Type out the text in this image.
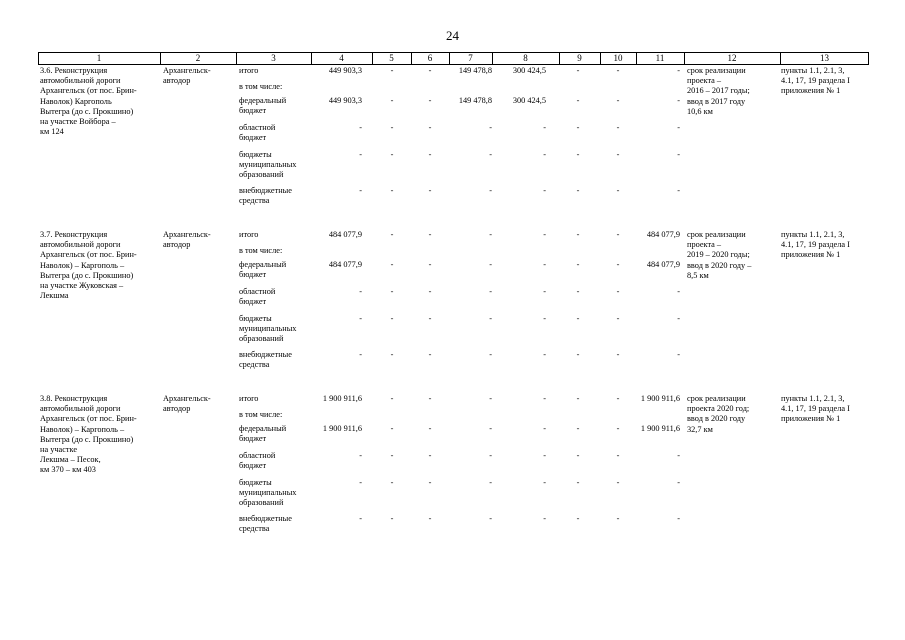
24
1	2	3	4	5	6	7	8	9	10	11	12	13
3.6. Реконструкция
автомобильной дороги
Архангельск (от пос. Брин-
Наволок) Каргополь
Вытегра (до с. Прокшино)
на участке Войбора –
км 124
Архангельск-
автодор
срок реализации
проекта –
2016 – 2017 годы;
ввод в 2017 году
10,6 км
пункты 1.1, 2.1, 3,
4.1, 17, 19 раздела I
приложения № 1
итого	449 903,3	-	-	149 478,8	300 424,5	-	-	-
в том числе:
федеральный
бюджет
449 903,3	-	-	149 478,8	300 424,5	-	-	-
областной
бюджет
-	-	-	-	-	-	-	-
бюджеты
муниципальных
образований
-	-	-	-	-	-	-	-
внебюджетные
средства
-	-	-	-	-	-	-	-
3.7. Реконструкция
автомобильной дороги
Архангельск (от пос. Брин-
Наволок) – Каргополь –
Вытегра (до с. Прокшино)
на участке Жуковская –
Лекшма
Архангельск-
автодор
срок реализации
проекта –
2019 – 2020 годы;
ввод в 2020 году –
8,5 км
пункты 1.1, 2.1, 3,
4.1, 17, 19 раздела I
приложения № 1
итого	484 077,9	-	-	-	-	-	-	484 077,9
в том числе:
федеральный
бюджет
484 077,9	-	-	-	-	-	-	484 077,9
областной
бюджет
-	-	-	-	-	-	-	-
бюджеты
муниципальных
образований
-	-	-	-	-	-	-	-
внебюджетные
средства
-	-	-	-	-	-	-	-
3.8. Реконструкция
автомобильной дороги
Архангельск (от пос. Брин-
Наволок) – Каргополь –
Вытегра (до с. Прокшино)
на участке
Лекшма – Песок,
км 370 – км 403
Архангельск-
автодор
срок реализации
проекта 2020 год;
ввод в 2020 году
32,7 км
пункты 1.1, 2.1, 3,
4.1, 17, 19 раздела I
приложения № 1
итого	1 900 911,6	-	-	-	-	-	-	1 900 911,6
в том числе:
федеральный
бюджет
1 900 911,6	-	-	-	-	-	-	1 900 911,6
областной
бюджет
-	-	-	-	-	-	-	-
бюджеты
муниципальных
образований
-	-	-	-	-	-	-	-
внебюджетные
средства
-	-	-	-	-	-	-	-
